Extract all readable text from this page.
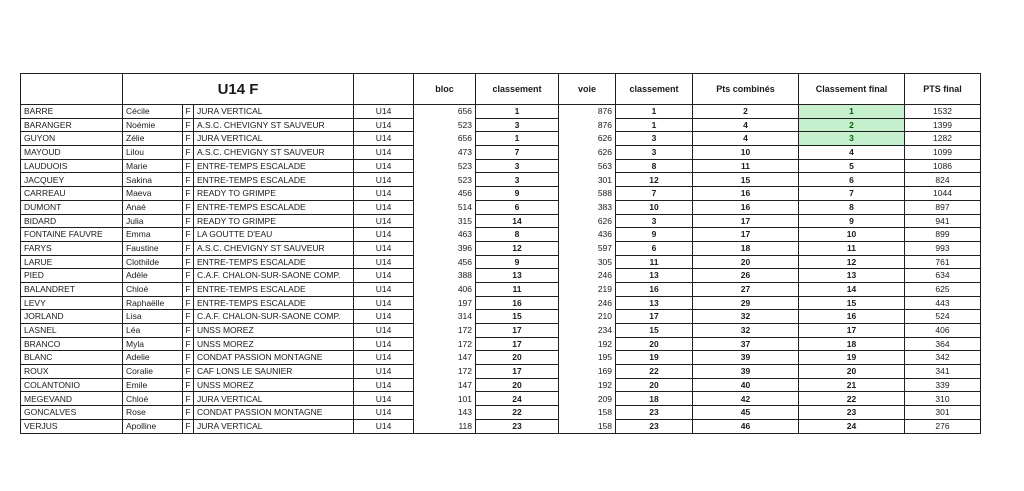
	U14 F				bloc	classement	voie	classement	Pts combinés	Classement final	PTS final
BARRE	Cécile	F	JURA VERTICAL	U14	656	1	876	1	2	1	1532
BARANGER	Noémie	F	A.S.C. CHEVIGNY ST SAUVEUR	U14	523	3	876	1	4	2	1399
GUYON	Zélie	F	JURA VERTICAL	U14	656	1	626	3	4	3	1282
MAYOUD	Lilou	F	A.S.C. CHEVIGNY ST SAUVEUR	U14	473	7	626	3	10	4	1099
LAUDUOIS	Marie	F	ENTRE-TEMPS ESCALADE	U14	523	3	563	8	11	5	1086
JACQUEY	Sakina	F	ENTRE-TEMPS ESCALADE	U14	523	3	301	12	15	6	824
CARREAU	Maeva	F	READY TO GRIMPE	U14	456	9	588	7	16	7	1044
DUMONT	Anaé	F	ENTRE-TEMPS ESCALADE	U14	514	6	383	10	16	8	897
BIDARD	Julia	F	READY TO GRIMPE	U14	315	14	626	3	17	9	941
FONTAINE FAUVRE	Emma	F	LA GOUTTE D'EAU	U14	463	8	436	9	17	10	899
FARYS	Faustine	F	A.S.C. CHEVIGNY ST SAUVEUR	U14	396	12	597	6	18	11	993
LARUE	Clothilde	F	ENTRE-TEMPS ESCALADE	U14	456	9	305	11	20	12	761
PIED	Adèle	F	C.A.F. CHALON-SUR-SAONE COMP.	U14	388	13	246	13	26	13	634
BALANDRET	Chloé	F	ENTRE-TEMPS ESCALADE	U14	406	11	219	16	27	14	625
LEVY	Raphaëlle	F	ENTRE-TEMPS ESCALADE	U14	197	16	246	13	29	15	443
JORLAND	Lisa	F	C.A.F. CHALON-SUR-SAONE COMP.	U14	314	15	210	17	32	16	524
LASNEL	Léa	F	UNSS MOREZ	U14	172	17	234	15	32	17	406
BRANCO	Myla	F	UNSS MOREZ	U14	172	17	192	20	37	18	364
BLANC	Adelie	F	CONDAT PASSION MONTAGNE	U14	147	20	195	19	39	19	342
ROUX	Coralie	F	CAF LONS LE SAUNIER	U14	172	17	169	22	39	20	341
COLANTONIO	Emile	F	UNSS MOREZ	U14	147	20	192	20	40	21	339
MEGEVAND	Chloé	F	JURA VERTICAL	U14	101	24	209	18	42	22	310
GONCALVES	Rose	F	CONDAT PASSION MONTAGNE	U14	143	22	158	23	45	23	301
VERJUS	Apolline	F	JURA VERTICAL	U14	118	23	158	23	46	24	276
